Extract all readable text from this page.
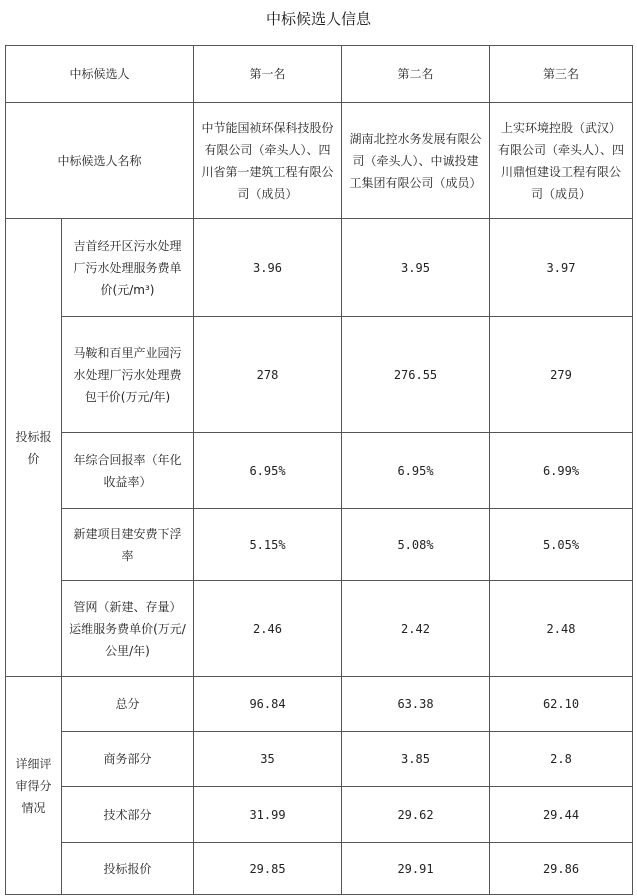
中标候选人信息
中标候选人		第一名	第二名	第三名
中标候选人名称		中节能国祯环保科技股份有限公司（牵头人）、四川省第一建筑工程有限公司（成员）	湖南北控水务发展有限公司（牵头人）、中诚投建工集团有限公司（成员）	上实环境控股（武汉）有限公司（牵头人）、四川鼎恒建设工程有限公司（成员）
投标报价	吉首经开区污水处理厂污水处理服务费单价(元/m³)	3.96	3.95	3.97
	马鞍和百里产业园污水处理厂污水处理费包干价(万元/年)	278	276.55	279
	年综合回报率（年化收益率）	6.95%	6.95%	6.99%
	新建项目建安费下浮率	5.15%	5.08%	5.05%
	管网（新建、存量）运维服务费单价(万元/公里/年)	2.46	2.42	2.48
详细评审得分情况	总分	96.84	63.38	62.10
	商务部分	35	3.85	2.8
	技术部分	31.99	29.62	29.44
	投标报价	29.85	29.91	29.86
